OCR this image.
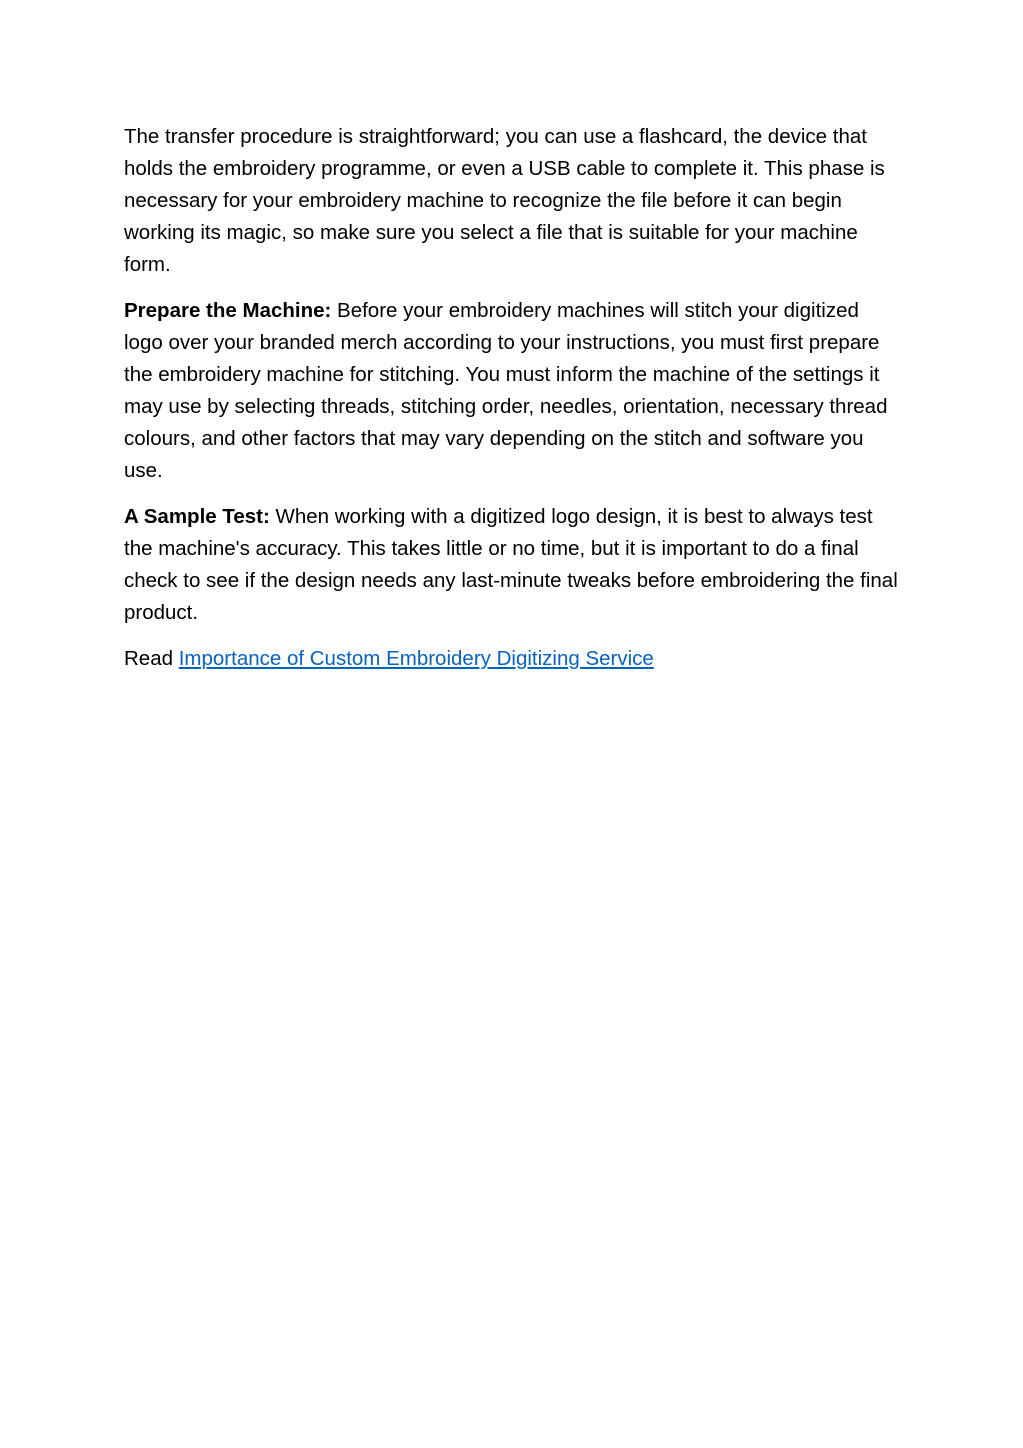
The transfer procedure is straightforward; you can use a flashcard, the device that holds the embroidery programme, or even a USB cable to complete it. This phase is necessary for your embroidery machine to recognize the file before it can begin working its magic, so make sure you select a file that is suitable for your machine form.

Prepare the Machine: Before your embroidery machines will stitch your digitized logo over your branded merch according to your instructions, you must first prepare the embroidery machine for stitching. You must inform the machine of the settings it may use by selecting threads, stitching order, needles, orientation, necessary thread colours, and other factors that may vary depending on the stitch and software you use.

A Sample Test: When working with a digitized logo design, it is best to always test the machine's accuracy. This takes little or no time, but it is important to do a final check to see if the design needs any last-minute tweaks before embroidering the final product.

Read Importance of Custom Embroidery Digitizing Service
